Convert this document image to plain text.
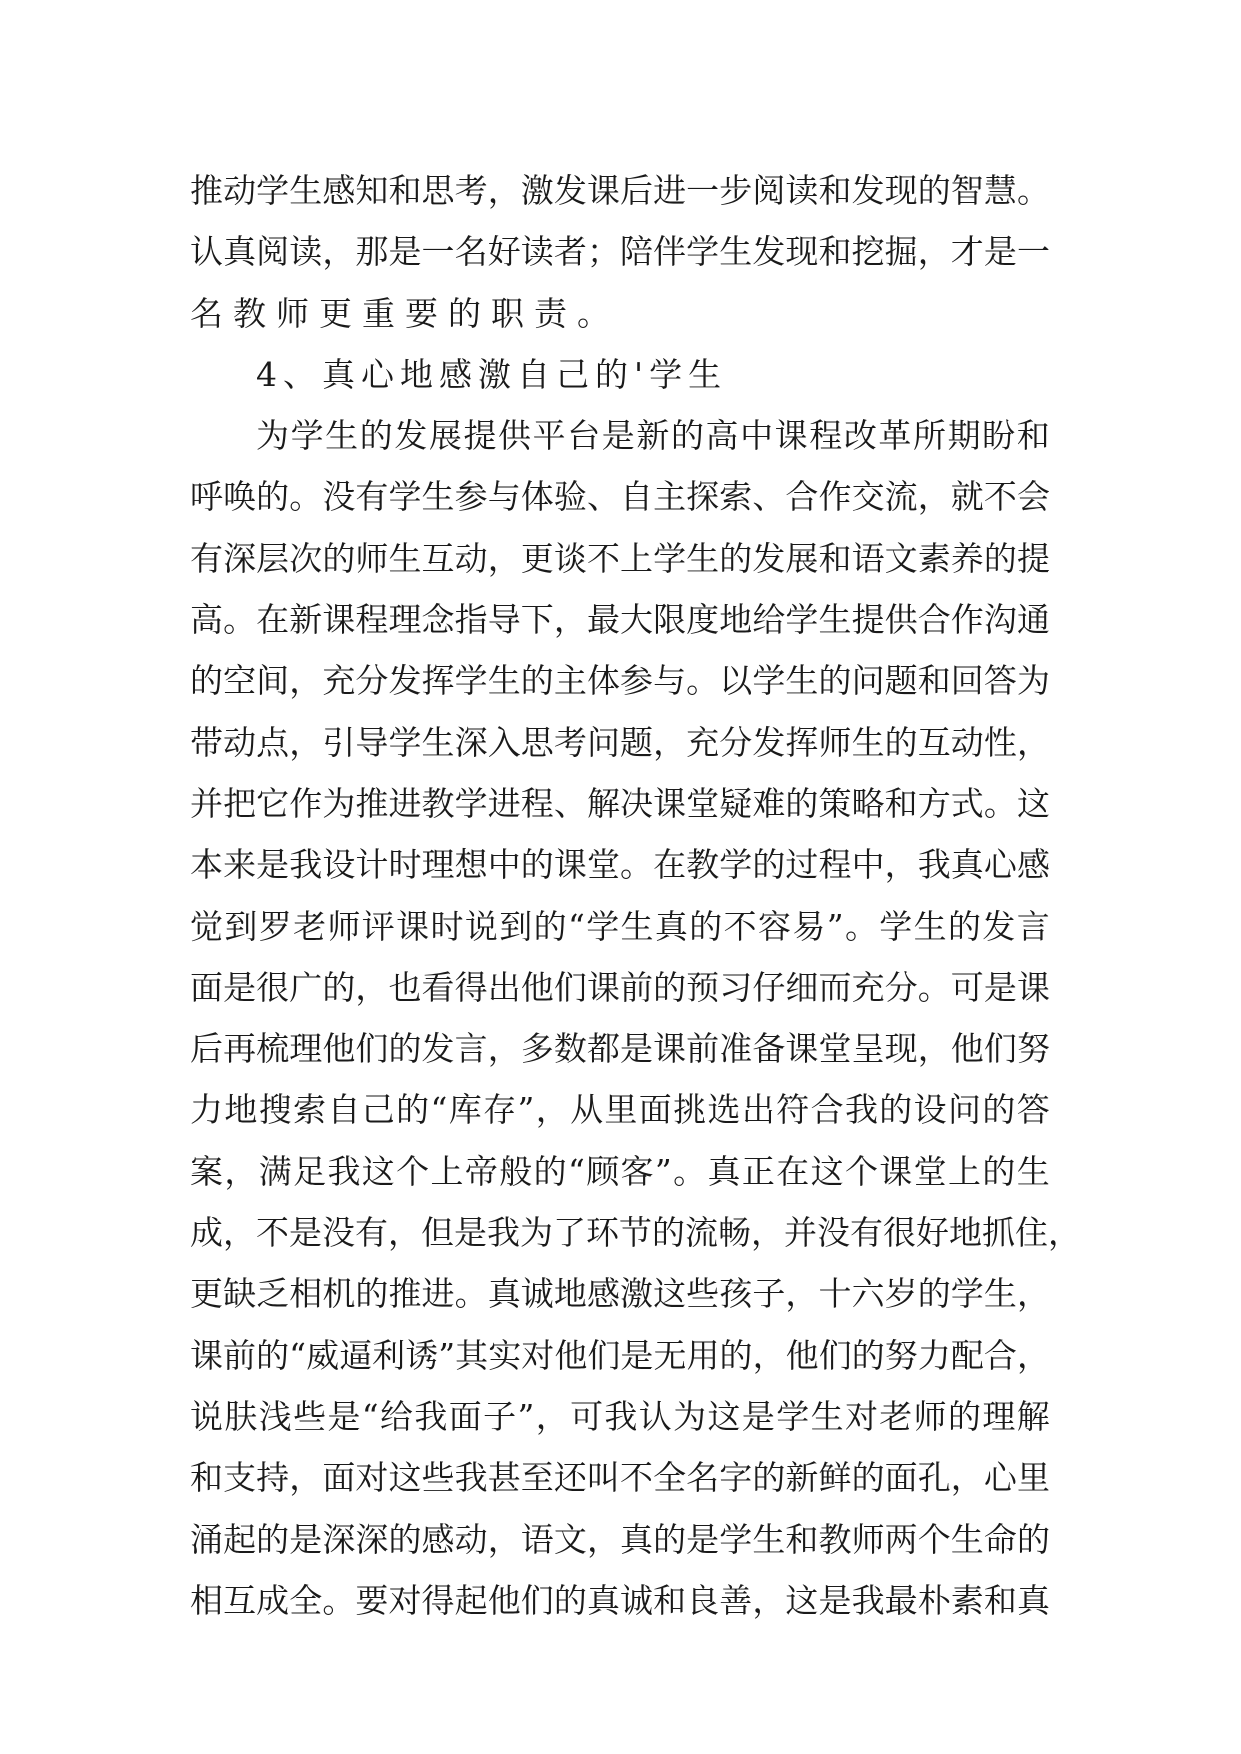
推 动 学 生 感 知 和 思 考 ， 激 发 课 后 进 一 步 阅 读 和 发 现 的 智 慧 。
认 真 阅 读 ， 那 是 一 名 好 读 者 ； 陪 伴 学 生 发 现 和 挖 掘 ， 才 是 一
名教师更重要的职责。
4、真心地感激自己的'学生
为 学 生 的 发 展 提 供 平 台 是 新 的 高 中 课 程 改 革 所 期 盼 和
呼 唤 的 。 没 有 学 生 参 与 体 验 、 自 主 探 索 、 合 作 交 流 ， 就 不 会
有 深 层 次 的 师 生 互 动 ， 更 谈 不 上 学 生 的 发 展 和 语 文 素 养 的 提
高 。 在 新 课 程 理 念 指 导 下 ， 最 大 限 度 地 给 学 生 提 供 合 作 沟 通
的 空 间 ， 充 分 发 挥 学 生 的 主 体 参 与 。 以 学 生 的 问 题 和 回 答 为
带 动 点 ， 引 导 学 生 深 入 思 考 问 题 ， 充 分 发 挥 师 生 的 互 动 性 ，
并 把 它 作 为 推 进 教 学 进 程 、 解 决 课 堂 疑 难 的 策 略 和 方 式 。 这
本 来 是 我 设 计 时 理 想 中 的 课 堂 。 在 教 学 的 过 程 中 ， 我 真 心 感
觉 到 罗 老 师 评 课 时 说 到 的 “ 学 生 真 的 不 容 易 ” 。 学 生 的 发 言
面 是 很 广 的 ， 也 看 得 出 他 们 课 前 的 预 习 仔 细 而 充 分 。 可 是 课
后 再 梳 理 他 们 的 发 言 ， 多 数 都 是 课 前 准 备 课 堂 呈 现 ， 他 们 努
力 地 搜 索 自 己 的 “ 库 存 ” ， 从 里 面 挑 选 出 符 合 我 的 设 问 的 答
案 ， 满 足 我 这 个 上 帝 般 的 “ 顾 客 ” 。 真 正 在 这 个 课 堂 上 的 生
成 ， 不 是 没 有 ， 但 是 我 为 了 环 节 的 流 畅 ， 并 没 有 很 好 地 抓 住 ，
更 缺 乏 相 机 的 推 进 。 真 诚 地 感 激 这 些 孩 子 ， 十 六 岁 的 学 生 ，
课 前 的 “ 威 逼 利 诱 ” 其 实 对 他 们 是 无 用 的 ， 他 们 的 努 力 配 合 ，
说 肤 浅 些 是 “ 给 我 面 子 ” ， 可 我 认 为 这 是 学 生 对 老 师 的 理 解
和 支 持 ， 面 对 这 些 我 甚 至 还 叫 不 全 名 字 的 新 鲜 的 面 孔 ， 心 里
涌 起 的 是 深 深 的 感 动 ， 语 文 ， 真 的 是 学 生 和 教 师 两 个 生 命 的
相 互 成 全 。 要 对 得 起 他 们 的 真 诚 和 良 善 ， 这 是 我 最 朴 素 和 真
